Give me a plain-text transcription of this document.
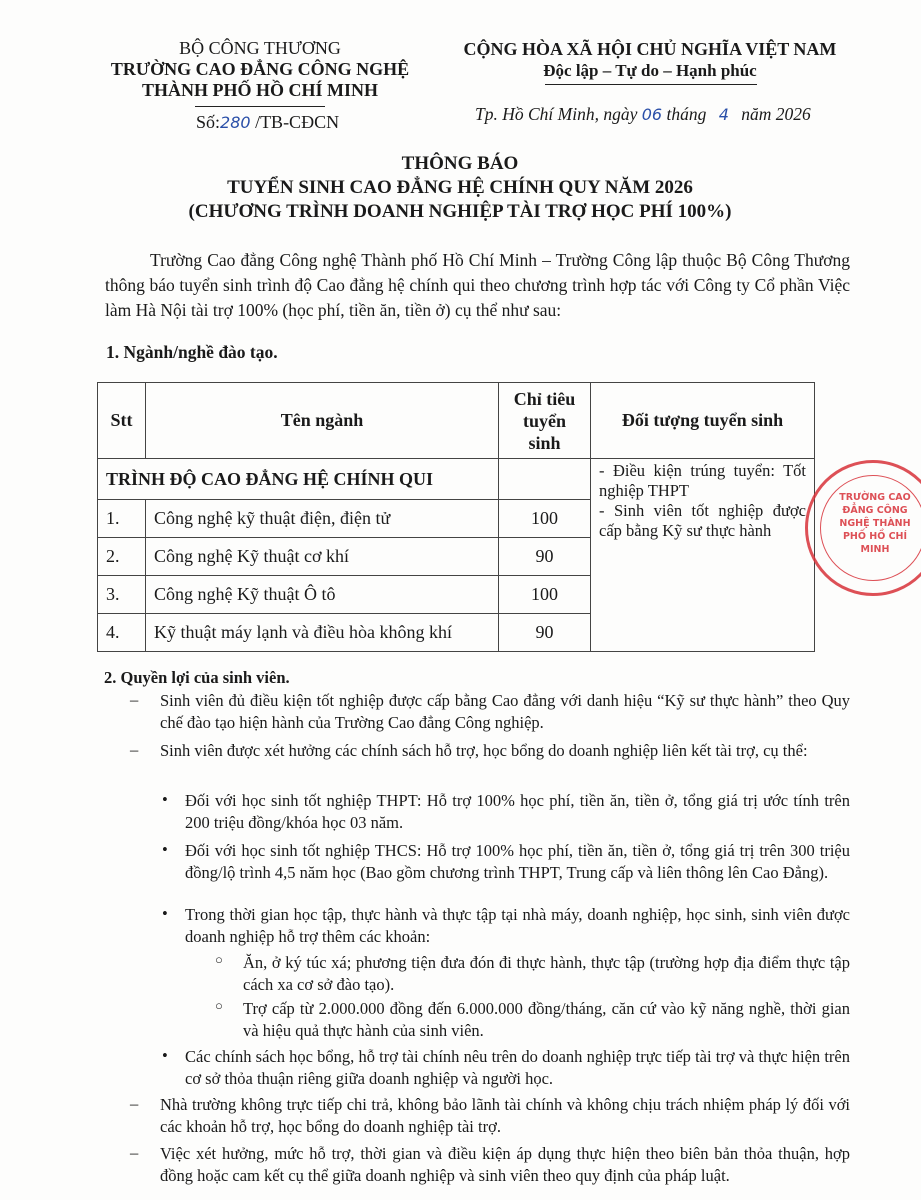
BỘ CÔNG THƯƠNG
TRƯỜNG CAO ĐẲNG CÔNG NGHỆ
THÀNH PHỐ HỒ CHÍ MINH
Số:280 /TB-CĐCN
CỘNG HÒA XÃ HỘI CHỦ NGHĨA VIỆT NAM
Độc lập – Tự do – Hạnh phúc
Tp. Hồ Chí Minh, ngày 06 tháng 4 năm 2026
THÔNG BÁO
TUYỂN SINH CAO ĐẲNG HỆ CHÍNH QUY NĂM 2026
(CHƯƠNG TRÌNH DOANH NGHIỆP TÀI TRỢ HỌC PHÍ 100%)

Trường Cao đẳng Công nghệ Thành phố Hồ Chí Minh – Trường Công lập thuộc Bộ Công Thương thông báo tuyển sinh trình độ Cao đẳng hệ chính qui theo chương trình hợp tác với Công ty Cổ phần Việc làm Hà Nội tài trợ 100% (học phí, tiền ăn, tiền ở) cụ thể như sau:

1. Ngành/nghề đào tạo.
Stt	Tên ngành	Chỉ tiêu tuyển sinh	Đối tượng tuyển sinh
TRÌNH ĐỘ CAO ĐẲNG HỆ CHÍNH QUI			- Điều kiện trúng tuyển: Tốt nghiệp THPT
- Sinh viên tốt nghiệp được cấp bằng Kỹ sư thực hành
1.	Công nghệ kỹ thuật điện, điện tử	100	
2.	Công nghệ Kỹ thuật cơ khí	90	
3.	Công nghệ Kỹ thuật Ô tô	100	
4.	Kỹ thuật máy lạnh và điều hòa không khí	90	
TRƯỜNG CAO ĐẲNG CÔNG NGHỆ THÀNH PHỐ HỒ CHÍ MINH
2. Quyền lợi của sinh viên.
– Sinh viên đủ điều kiện tốt nghiệp được cấp bằng Cao đẳng với danh hiệu “Kỹ sư thực hành” theo Quy chế đào tạo hiện hành của Trường Cao đẳng Công nghiệp.
– Sinh viên được xét hưởng các chính sách hỗ trợ, học bổng do doanh nghiệp liên kết tài trợ, cụ thể:
• Đối với học sinh tốt nghiệp THPT: Hỗ trợ 100% học phí, tiền ăn, tiền ở, tổng giá trị ước tính trên 200 triệu đồng/khóa học 03 năm.
• Đối với học sinh tốt nghiệp THCS: Hỗ trợ 100% học phí, tiền ăn, tiền ở, tổng giá trị trên 300 triệu đồng/lộ trình 4,5 năm học (Bao gồm chương trình THPT, Trung cấp và liên thông lên Cao Đẳng).
• Trong thời gian học tập, thực hành và thực tập tại nhà máy, doanh nghiệp, học sinh, sinh viên được doanh nghiệp hỗ trợ thêm các khoản:
○ Ăn, ở ký túc xá; phương tiện đưa đón đi thực hành, thực tập (trường hợp địa điểm thực tập cách xa cơ sở đào tạo).
○ Trợ cấp từ 2.000.000 đồng đến 6.000.000 đồng/tháng, căn cứ vào kỹ năng nghề, thời gian và hiệu quả thực hành của sinh viên.
• Các chính sách học bổng, hỗ trợ tài chính nêu trên do doanh nghiệp trực tiếp tài trợ và thực hiện trên cơ sở thỏa thuận riêng giữa doanh nghiệp và người học.
– Nhà trường không trực tiếp chi trả, không bảo lãnh tài chính và không chịu trách nhiệm pháp lý đối với các khoản hỗ trợ, học bổng do doanh nghiệp tài trợ.
– Việc xét hưởng, mức hỗ trợ, thời gian và điều kiện áp dụng thực hiện theo biên bản thỏa thuận, hợp đồng hoặc cam kết cụ thể giữa doanh nghiệp và sinh viên theo quy định của pháp luật.
